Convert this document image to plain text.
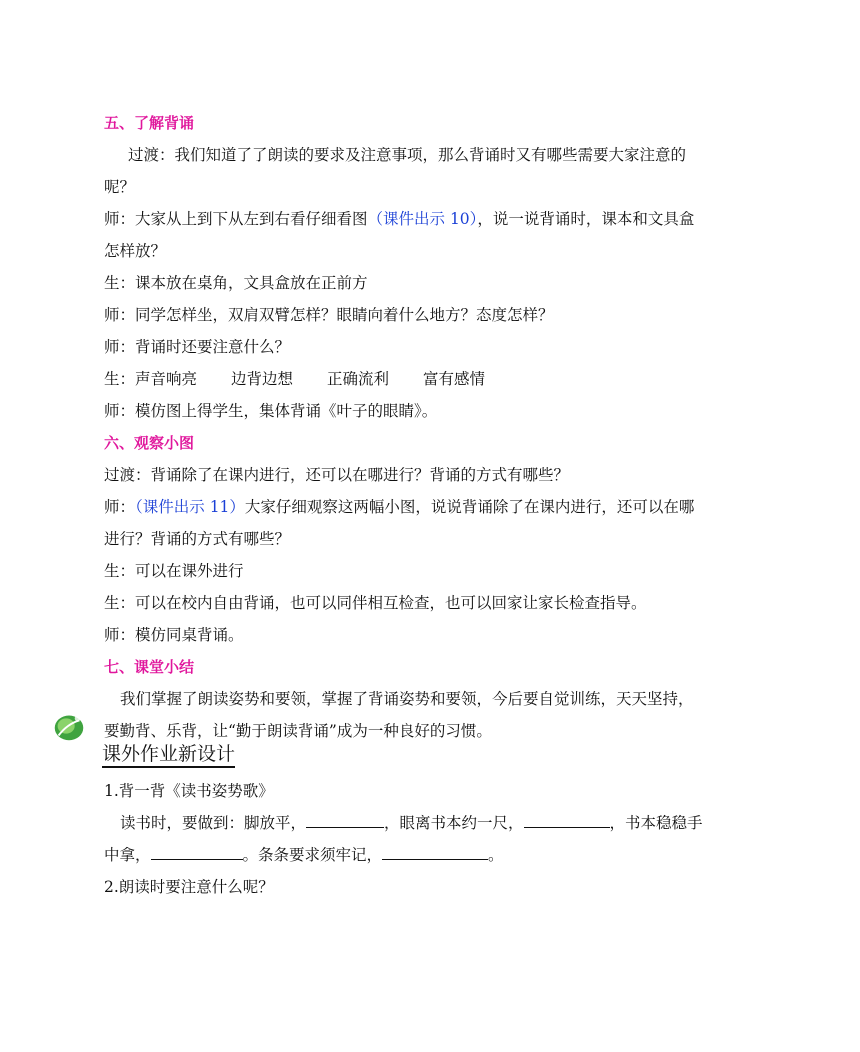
五、了解背诵
过渡：我们知道了了朗读的要求及注意事项，那么背诵时又有哪些需要大家注意的
呢？
师：大家从上到下从左到右看仔细看图（课件出示 10），说一说背诵时，课本和文具盒
怎样放？
生：课本放在桌角，文具盒放在正前方
师：同学怎样坐，双肩双臂怎样？眼睛向着什么地方？态度怎样？
师：背诵时还要注意什么？
生：声音响亮 边背边想 正确流利 富有感情
师：模仿图上得学生，集体背诵《叶子的眼睛》。
六、观察小图
过渡：背诵除了在课内进行，还可以在哪进行？背诵的方式有哪些？
师：（课件出示 11）大家仔细观察这两幅小图，说说背诵除了在课内进行，还可以在哪
进行？背诵的方式有哪些？
生：可以在课外进行
生：可以在校内自由背诵，也可以同伴相互检查，也可以回家让家长检查指导。
师：模仿同桌背诵。
七、课堂小结
我们掌握了朗读姿势和要领，掌握了背诵姿势和要领，今后要自觉训练，天天坚持，
要勤背、乐背，让“勤于朗读背诵”成为一种良好的习惯。
课外作业新设计
1.背一背《读书姿势歌》
读书时，要做到：脚放平，	，眼离书本约一尺，	，书本稳稳手
中拿，	。条条要求须牢记，	。
2.朗读时要注意什么呢？
